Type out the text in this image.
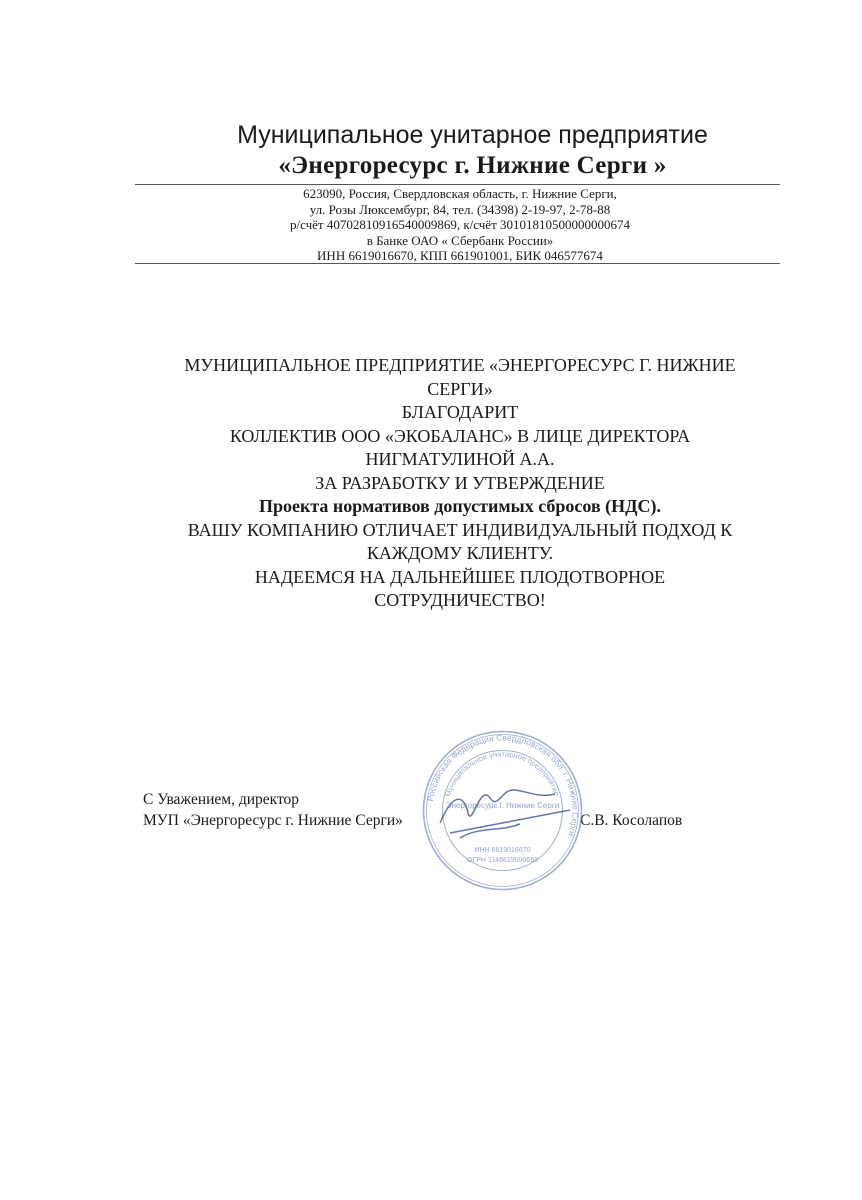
Муниципальное унитарное предприятие
«Энергоресурс г. Нижние Серги »
623090, Россия, Свердловская область, г. Нижние Серги,
ул. Розы Люксембург, 84, тел. (34398) 2-19-97, 2-78-88
р/счёт 40702810916540009869, к/счёт 30101810500000000674
в Банке ОАО « Сбербанк России»
ИНН 6619016670, КПП 661901001, БИК 046577674
МУНИЦИПАЛЬНОЕ ПРЕДПРИЯТИЕ «ЭНЕРГОРЕСУРС Г. НИЖНИЕ
СЕРГИ»
БЛАГОДАРИТ
КОЛЛЕКТИВ ООО «ЭКОБАЛАНС» В ЛИЦЕ ДИРЕКТОРА
НИГМАТУЛИНОЙ А.А.
ЗА РАЗРАБОТКУ И УТВЕРЖДЕНИЕ
Проекта нормативов допустимых сбросов (НДС).
ВАШУ КОМПАНИЮ ОТЛИЧАЕТ ИНДИВИДУАЛЬНЫЙ ПОДХОД К
КАЖДОМУ КЛИЕНТУ.
НАДЕЕМСЯ НА ДАЛЬНЕЙШЕЕ ПЛОДОТВОРНОЕ
СОТРУДНИЧЕСТВО!
С Уважением, директор
МУП «Энергоресурс г. Нижние Серги»	С.В. Косолапов
Российская Федерация Свердловская обл. г. Нижние Серги
Муниципальное унитарное предприятие
Энергоресурс г. Нижние Серги
ИНН 6619016670
ОГРН 1146619000659
